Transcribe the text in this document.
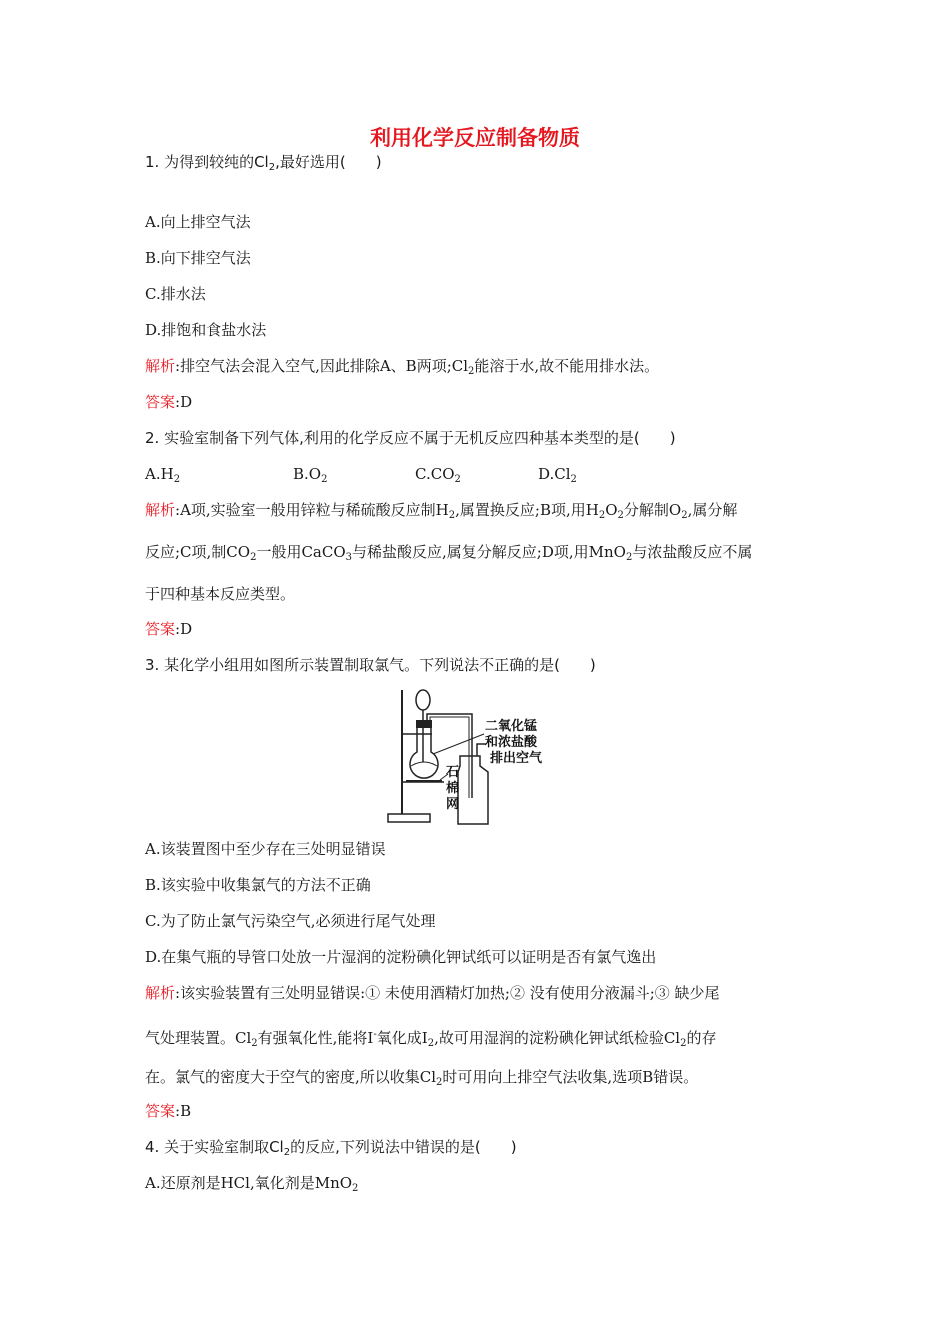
利用化学反应制备物质
1. 为得到较纯的$Cl_2$,最好选用(　　)
A.向上排空气法
B.向下排空气法
C.排水法
D.排饱和食盐水法
解析:排空气法会混入空气,因此排除A、B两项$;Cl_2$能溶于水,故不能用排水法。
答案:D
2. 实验室制备下列气体,利用的化学反应不属于无机反应四种基本类型的是(　　)
$A.H_2$	$B.O_2$	$C.CO_2$	$D.Cl_2$
解析:A项,实验室一般用锌粒与稀硫酸反应制$H_2$,属置换反应;B项,用$H_2O_2$分解制$O_2$,属分解
反应;C项,制$CO_2$一般用CaCO$_3$与稀盐酸反应,属复分解反应;D项,用MnO$_2$与浓盐酸反应不属
于四种基本反应类型。
答案:D
3. 某化学小组用如图所示装置制取氯气。下列说法不正确的是(　　)
二氧化锰
和浓盐酸
排出空气
石
棉
网
A.该装置图中至少存在三处明显错误
B.该实验中收集氯气的方法不正确
C.为了防止氯气污染空气,必须进行尾气处理
D.在集气瓶的导管口处放一片湿润的淀粉碘化钾试纸可以证明是否有氯气逸出
解析:该实验装置有三处明显错误:① 未使用酒精灯加热;② 没有使用分液漏斗;③ 缺少尾
气处理装置。$Cl_2$有强氧化性,能将I-氧化成$I_2$,故可用湿润的淀粉碘化钾试纸检验$Cl_2$的存
在。氯气的密度大于空气的密度,所以收集$Cl_2$时可用向上排空气法收集,选项B错误。
答案:B
4. 关于实验室制取$Cl_2$的反应,下列说法中错误的是(　　)
A.还原剂是HCl,氧化剂是MnO$_2$
